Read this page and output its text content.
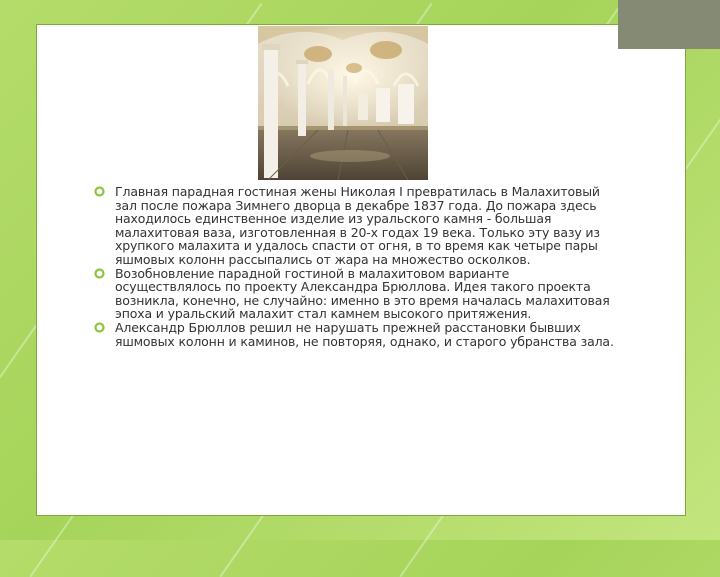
Главная парадная гостиная жены Николая I превратилась в Малахитовый зал после пожара Зимнего дворца в декабре 1837 года. До пожара здесь находилось единственное изделие из уральского камня - большая малахитовая ваза, изготовленная в 20-х годах 19 века. Только эту вазу из хрупкого малахита и удалось спасти от огня, в то время как четыре пары яшмовых колонн рассыпались от жара на множество осколков.
Возобновление парадной гостиной в малахитовом варианте осуществлялось по проекту Александра Брюллова. Идея такого проекта возникла, конечно, не случайно: именно в это время началась малахитовая эпоха и уральский малахит стал камнем высокого притяжения.
Александр Брюллов решил не нарушать прежней расстановки бывших яшмовых колонн и каминов, не повторяя, однако, и старого убранства зала.
